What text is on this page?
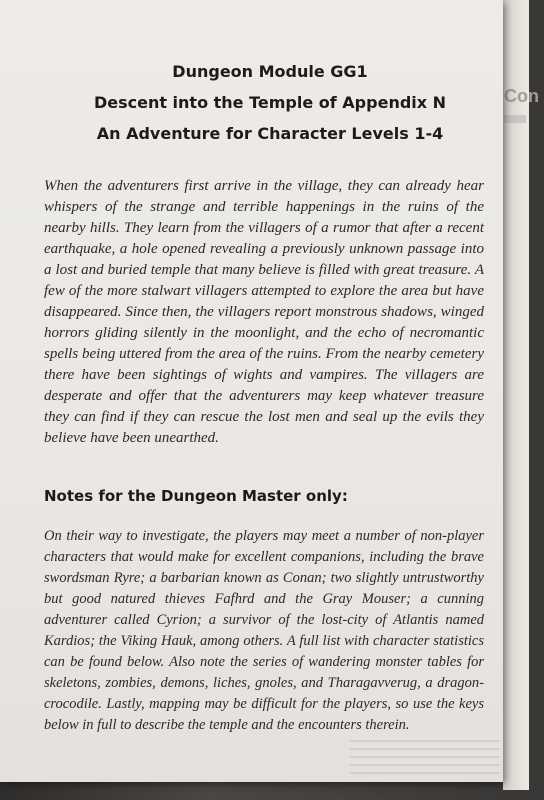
Con
Dungeon Module GG1
Descent into the Temple of Appendix N
An Adventure for Character Levels 1-4
When the adventurers first arrive in the village, they can already hear whispers of the strange and terrible happenings in the ruins of the nearby hills. They learn from the villagers of a rumor that after a recent earthquake, a hole opened revealing a previously unknown passage into a lost and buried temple that many believe is filled with great treasure. A few of the more stalwart villagers attempted to explore the area but have disappeared. Since then, the villagers report monstrous shadows, winged horrors gliding silently in the moonlight, and the echo of necromantic spells being uttered from the area of the ruins. From the nearby cemetery there have been sightings of wights and vampires. The villagers are desperate and offer that the adventurers may keep whatever treasure they can find if they can rescue the lost men and seal up the evils they believe have been unearthed.
Notes for the Dungeon Master only:
On their way to investigate, the players may meet a number of non-player characters that would make for excellent companions, including the brave swordsman Ryre; a barbarian known as Conan; two slightly untrustworthy but good natured thieves Fafhrd and the Gray Mouser; a cunning adventurer called Cyrion; a survivor of the lost-city of Atlantis named Kardios; the Viking Hauk, among others. A full list with character statistics can be found below. Also note the series of wandering monster tables for skeletons, zombies, demons, liches, gnoles, and Tharagavverug, a dragon-crocodile. Lastly, mapping may be difficult for the players, so use the keys below in full to describe the temple and the encounters therein.
